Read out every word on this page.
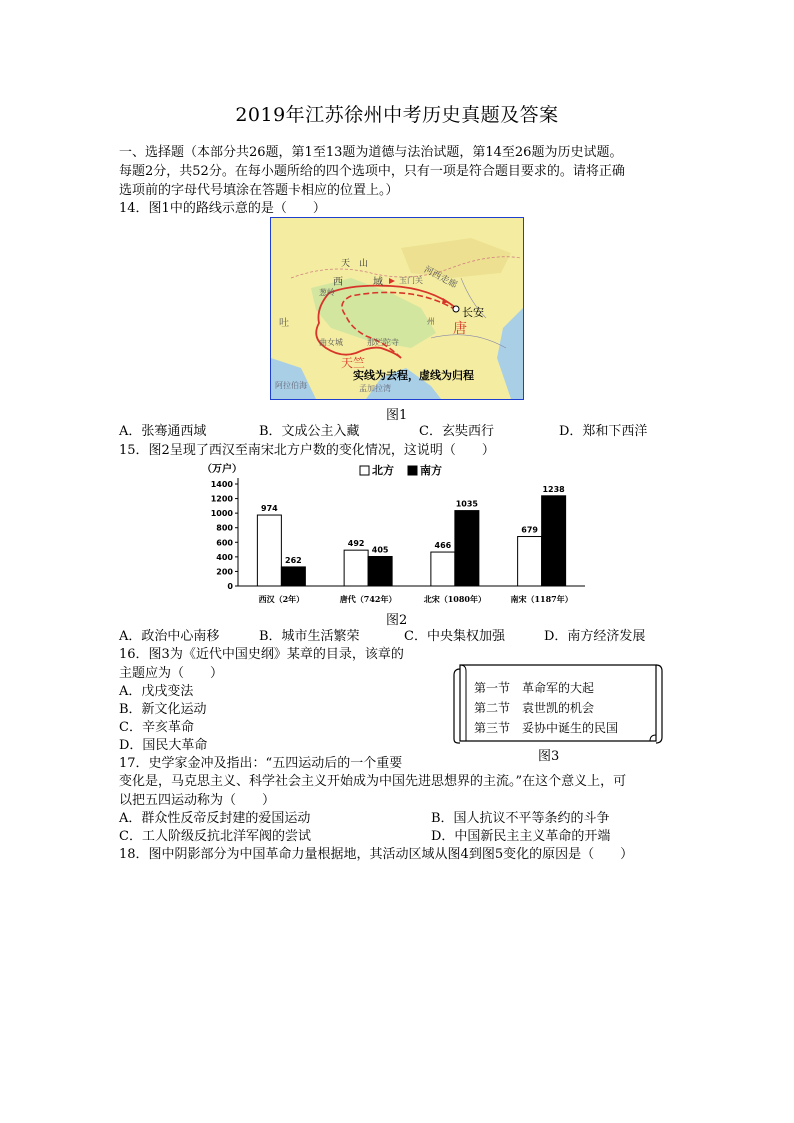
2019年江苏徐州中考历史真题及答案
一、选择题（本部分共26题，第1至13题为道德与法治试题，第14至26题为历史试题。
每题2分，共52分。在每小题所给的四个选项中，只有一项是符合题目要求的。请将正确
选项前的字母代号填涂在答题卡相应的位置上。）
14．图1中的路线示意的是（　　）
天　山
西　　　域 玉门关 河西走廊
长安
唐
葱岭
天竺
曲女城	那烂陀寺
孟加拉湾
阿拉伯海
吐	州
实线为去程，虚线为归程
图1
A．张骞通西域	B．文成公主入藏	C．玄奘西行	D．郑和下西洋
15．图2呈现了西汉至南宋北方户数的变化情况，这说明（　　）
（万户）
0
200
400
600
800
1000
1200
1400
974
262
西汉（2年）
492
405
唐代（742年）
466
1035
北宋（1080年）
679
1238
南宋（1187年）
北方 南方
图2
A．政治中心南移	B．城市生活繁荣	C．中央集权加强	D．南方经济发展
16．图3为《近代中国史纲》某章的目录，该章的
主题应为（　　）
A．戊戌变法
B．新文化运动
C．辛亥革命
D．国民大革命
第一节　革命军的大起
第二节　袁世凯的机会
第三节　妥协中诞生的民国
图3
17．史学家金冲及指出：“五四运动后的一个重要
变化是，马克思主义、科学社会主义开始成为中国先进思想界的主流。”在这个意义上，可
以把五四运动称为（　　）
A．群众性反帝反封建的爱国运动	B．国人抗议不平等条约的斗争
C．工人阶级反抗北洋军阀的尝试	D．中国新民主主义革命的开端
18．图中阴影部分为中国革命力量根据地，其活动区域从图4到图5变化的原因是（　　）
